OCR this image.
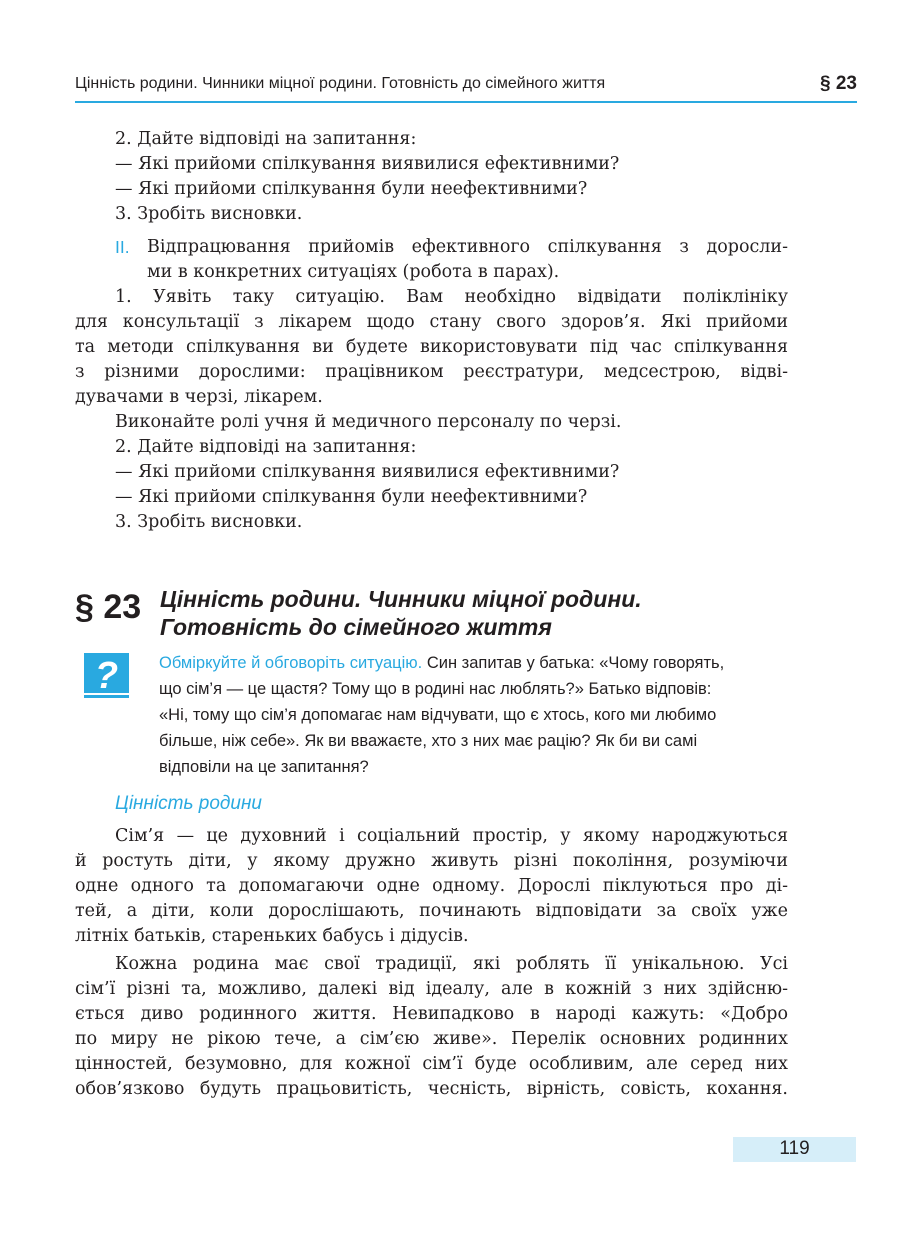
Цінність родини. Чинники міцної родини. Готовність до сімейного життя	§ 23
2. Дайте відповіді на запитання:
— Які прийоми спілкування виявилися ефективними?
— Які прийоми спілкування були неефективними?
3. Зробіть висновки.
II. Відпрацювання прийомів ефективного спілкування з доросли-
ми в конкретних ситуаціях (робота в парах).
1. Уявіть таку ситуацію. Вам необхідно відвідати поліклініку
для консультації з лікарем щодо стану свого здоров’я. Які прийоми
та методи спілкування ви будете використовувати під час спілкування
з різними дорослими: працівником реєстратури, медсестрою, відві-
дувачами в черзі, лікарем.
Виконайте ролі учня й медичного персоналу по черзі.
2. Дайте відповіді на запитання:
— Які прийоми спілкування виявилися ефективними?
— Які прийоми спілкування були неефективними?
3. Зробіть висновки.
§ 23 Цінність родини. Чинники міцної родини.
Готовність до сімейного життя
? Обміркуйте й обговоріть ситуацію. Син запитав у батька: «Чому говорять,
що сім’я — це щастя? Тому що в родині нас люблять?» Батько відповів:
«Ні, тому що сім’я допомагає нам відчувати, що є хтось, кого ми любимо
більше, ніж себе». Як ви вважаєте, хто з них має рацію? Як би ви самі
відповіли на це запитання?
Цінність родини
Сім’я — це духовний і соціальний простір, у якому народжуються
й ростуть діти, у якому дружно живуть різні покоління, розуміючи
одне одного та допомагаючи одне одному. Дорослі піклуються про ді-
тей, а діти, коли дорослішають, починають відповідати за своїх уже
літніх батьків, стареньких бабусь і дідусів.
Кожна родина має свої традиції, які роблять її унікальною. Усі
сім’ї різні та, можливо, далекі від ідеалу, але в кожній з них здійсню-
ється диво родинного життя. Невипадково в народі кажуть: «Добро
по миру не рікою тече, а сім’єю живе». Перелік основних родинних
цінностей, безумовно, для кожної сім’ї буде особливим, але серед них
обов’язково будуть працьовитість, чесність, вірність, совість, кохання.
119
